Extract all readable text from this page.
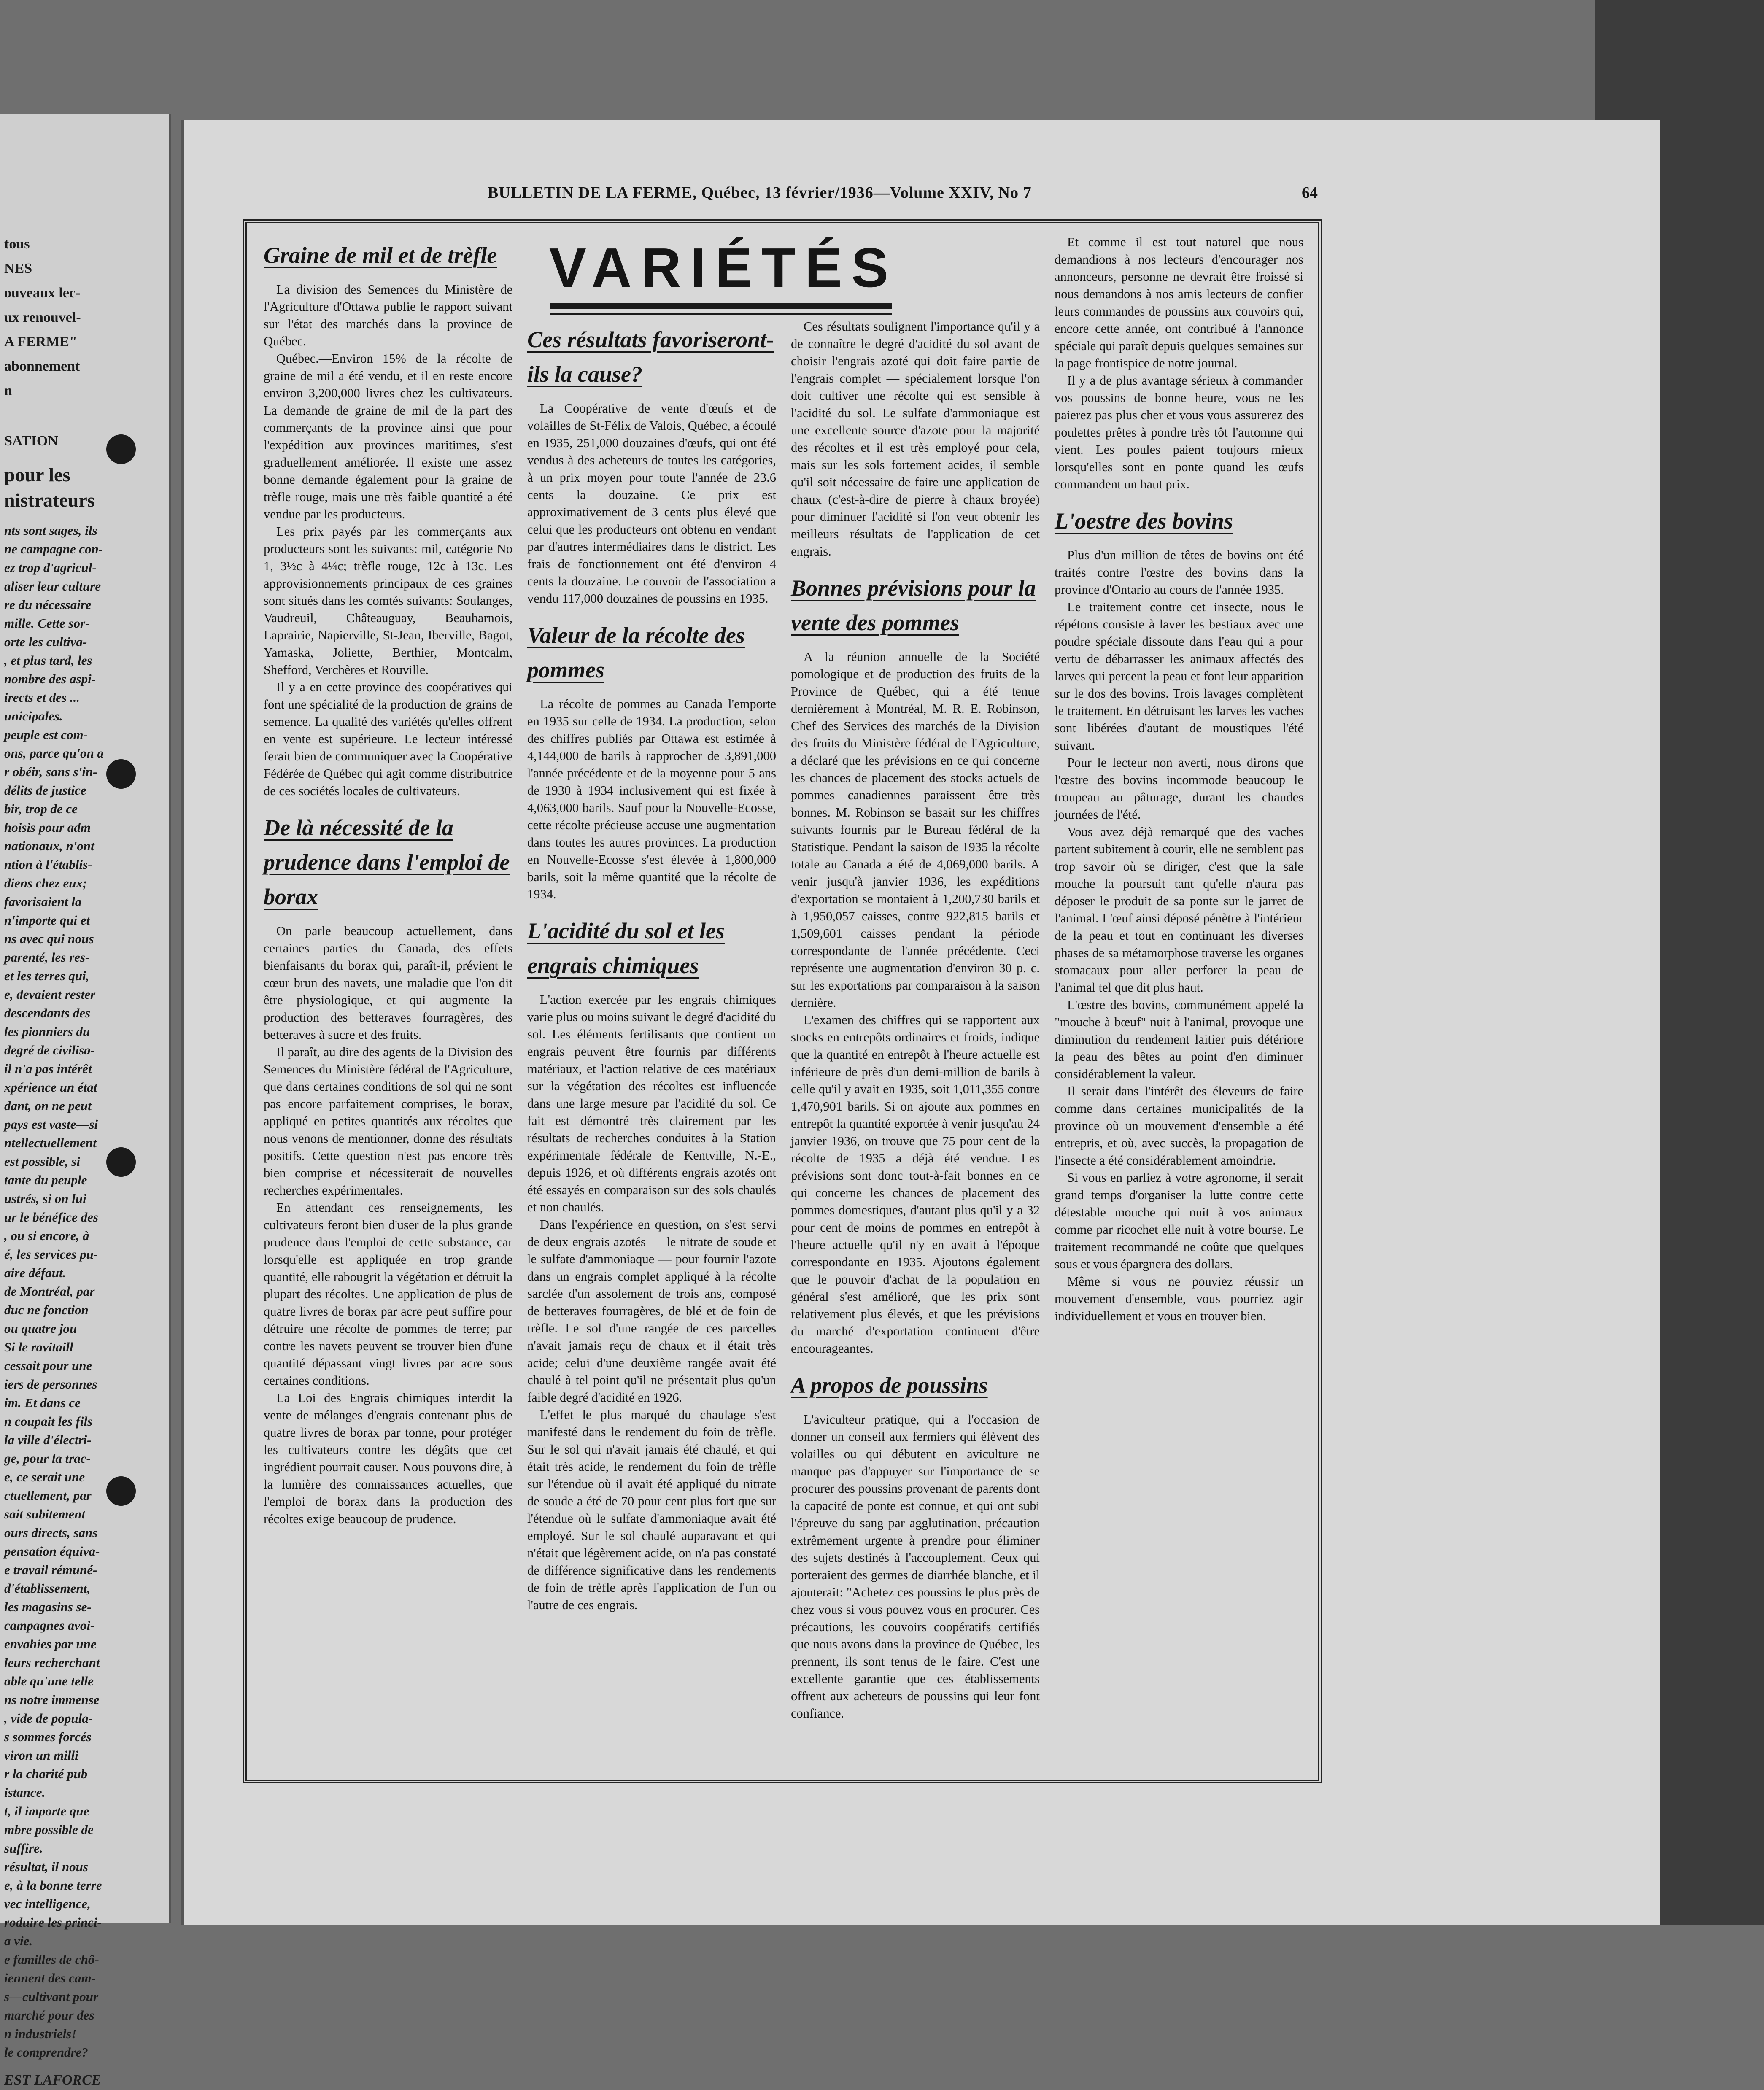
tous
NES
ouveaux lec-
ux renouvel-
A FERME"
abonnement
n
SATION
pour les
nistrateurs
nts sont sages, ils
ne campagne con-
ez trop d'agricul-
aliser leur culture
re du nécessaire
mille. Cette sor-
orte les cultiva-
, et plus tard, les
nombre des aspi-
irects et des ...
unicipales.
peuple est com-
ons, parce qu'on a
r obéir, sans s'in-
délits de justice
bir, trop de ce
hoisis pour adm
nationaux, n'ont
ntion à l'établis-
diens chez eux;
favorisaient la
n'importe qui et
ns avec qui nous
parenté, les res-
et les terres qui,
e, devaient rester
descendants des
les pionniers du
degré de civilisa-
il n'a pas intérêt
xpérience un état
dant, on ne peut
pays est vaste—si
ntellectuellement
est possible, si
tante du peuple
ustrés, si on lui
ur le bénéfice des
, ou si encore, à
é, les services pu-
aire défaut.
de Montréal, par
duc ne fonction
ou quatre jou
Si le ravitaill
cessait pour une
iers de personnes
im. Et dans ce
n coupait les fils
la ville d'électri-
ge, pour la trac-
e, ce serait une
ctuellement, par
sait subitement
ours directs, sans
pensation équiva-
e travail rémuné-
d'établissement,
les magasins se-
campagnes avoi-
envahies par une
leurs recherchant
able qu'une telle
ns notre immense
, vide de popula-
s sommes forcés
viron un milli
r la charité pub
istance.
t, il importe que
mbre possible de
suffire.
résultat, il nous
e, à la bonne terre
vec intelligence,
roduire les princi-
a vie.
e familles de chô-
iennent des cam-
s—cultivant pour
marché pour des
n industriels!
le comprendre?
EST LAFORCE
BULLETIN DE LA FERME, Québec, 13 février/1936—Volume XXIV, No 7	64
VARIÉTÉS
Graine de mil et de trèfle

La division des Semences du Ministère de l'Agriculture d'Ottawa publie le rapport suivant sur l'état des marchés dans la province de Québec.

Québec.—Environ 15% de la récolte de graine de mil a été vendu, et il en reste encore environ 3,200,000 livres chez les cultivateurs. La demande de graine de mil de la part des commerçants de la province ainsi que pour l'expédition aux provinces maritimes, s'est graduellement améliorée. Il existe une assez bonne demande également pour la graine de trèfle rouge, mais une très faible quantité a été vendue par les producteurs.

Les prix payés par les commerçants aux producteurs sont les suivants: mil, catégorie No 1, 3½c à 4¼c; trèfle rouge, 12c à 13c. Les approvisionnements principaux de ces graines sont situés dans les comtés suivants: Soulanges, Vaudreuil, Châteauguay, Beauharnois, Laprairie, Napierville, St-Jean, Iberville, Bagot, Yamaska, Joliette, Berthier, Montcalm, Shefford, Verchères et Rouville.

Il y a en cette province des coopératives qui font une spécialité de la production de grains de semence. La qualité des variétés qu'elles offrent en vente est supérieure. Le lecteur intéressé ferait bien de communiquer avec la Coopérative Fédérée de Québec qui agit comme distributrice de ces sociétés locales de cultivateurs.

De là nécessité de la prudence dans l'emploi de borax

On parle beaucoup actuellement, dans certaines parties du Canada, des effets bienfaisants du borax qui, paraît-il, prévient le cœur brun des navets, une maladie que l'on dit être physiologique, et qui augmente la production des betteraves fourragères, des betteraves à sucre et des fruits.

Il paraît, au dire des agents de la Division des Semences du Ministère fédéral de l'Agriculture, que dans certaines conditions de sol qui ne sont pas encore parfaitement comprises, le borax, appliqué en petites quantités aux récoltes que nous venons de mentionner, donne des résultats positifs. Cette question n'est pas encore très bien comprise et nécessiterait de nouvelles recherches expérimentales.

En attendant ces renseignements, les cultivateurs feront bien d'user de la plus grande prudence dans l'emploi de cette substance, car lorsqu'elle est appliquée en trop grande quantité, elle rabougrit la végétation et détruit la plupart des récoltes. Une application de plus de quatre livres de borax par acre peut suffire pour détruire une récolte de pommes de terre; par contre les navets peuvent se trouver bien d'une quantité dépassant vingt livres par acre sous certaines conditions.

La Loi des Engrais chimiques interdit la vente de mélanges d'engrais contenant plus de quatre livres de borax par tonne, pour protéger les cultivateurs contre les dégâts que cet ingrédient pourrait causer. Nous pouvons dire, à la lumière des connaissances actuelles, que l'emploi de borax dans la production des récoltes exige beaucoup de prudence.

Ces résultats favoriseront-ils la cause?

La Coopérative de vente d'œufs et de volailles de St-Félix de Valois, Québec, a écoulé en 1935, 251,000 douzaines d'œufs, qui ont été vendus à des acheteurs de toutes les catégories, à un prix moyen pour toute l'année de 23.6 cents la douzaine. Ce prix est approximativement de 3 cents plus élevé que celui que les producteurs ont obtenu en vendant par d'autres intermédiaires dans le district. Les frais de fonctionnement ont été d'environ 4 cents la douzaine. Le couvoir de l'association a vendu 117,000 douzaines de poussins en 1935.

Valeur de la récolte des pommes

La récolte de pommes au Canada l'emporte en 1935 sur celle de 1934. La production, selon des chiffres publiés par Ottawa est estimée à 4,144,000 de barils à rapprocher de 3,891,000 l'année précédente et de la moyenne pour 5 ans de 1930 à 1934 inclusivement qui est fixée à 4,063,000 barils. Sauf pour la Nouvelle-Ecosse, cette récolte précieuse accuse une augmentation dans toutes les autres provinces. La production en Nouvelle-Ecosse s'est élevée à 1,800,000 barils, soit la même quantité que la récolte de 1934.

L'acidité du sol et les engrais chimiques

L'action exercée par les engrais chimiques varie plus ou moins suivant le degré d'acidité du sol. Les éléments fertilisants que contient un engrais peuvent être fournis par différents matériaux, et l'action relative de ces matériaux sur la végétation des récoltes est influencée dans une large mesure par l'acidité du sol. Ce fait est démontré très clairement par les résultats de recherches conduites à la Station expérimentale fédérale de Kentville, N.-E., depuis 1926, et où différents engrais azotés ont été essayés en comparaison sur des sols chaulés et non chaulés.

Dans l'expérience en question, on s'est servi de deux engrais azotés — le nitrate de soude et le sulfate d'ammoniaque — pour fournir l'azote dans un engrais complet appliqué à la récolte sarclée d'un assolement de trois ans, composé de betteraves fourragères, de blé et de foin de trèfle. Le sol d'une rangée de ces parcelles n'avait jamais reçu de chaux et il était très acide; celui d'une deuxième rangée avait été chaulé à tel point qu'il ne présentait plus qu'un faible degré d'acidité en 1926.

L'effet le plus marqué du chaulage s'est manifesté dans le rendement du foin de trèfle. Sur le sol qui n'avait jamais été chaulé, et qui était très acide, le rendement du foin de trèfle sur l'étendue où il avait été appliqué du nitrate de soude a été de 70 pour cent plus fort que sur l'étendue où le sulfate d'ammoniaque avait été employé. Sur le sol chaulé auparavant et qui n'était que légèrement acide, on n'a pas constaté de différence significative dans les rendements de foin de trèfle après l'application de l'un ou l'autre de ces engrais.

Ces résultats soulignent l'importance qu'il y a de connaître le degré d'acidité du sol avant de choisir l'engrais azoté qui doit faire partie de l'engrais complet — spécialement lorsque l'on doit cultiver une récolte qui est sensible à l'acidité du sol. Le sulfate d'ammoniaque est une excellente source d'azote pour la majorité des récoltes et il est très employé pour cela, mais sur les sols fortement acides, il semble qu'il soit nécessaire de faire une application de chaux (c'est-à-dire de pierre à chaux broyée) pour diminuer l'acidité si l'on veut obtenir les meilleurs résultats de l'application de cet engrais.

Bonnes prévisions pour la vente des pommes

A la réunion annuelle de la Société pomologique et de production des fruits de la Province de Québec, qui a été tenue dernièrement à Montréal, M. R. E. Robinson, Chef des Services des marchés de la Division des fruits du Ministère fédéral de l'Agriculture, a déclaré que les prévisions en ce qui concerne les chances de placement des stocks actuels de pommes canadiennes paraissent être très bonnes. M. Robinson se basait sur les chiffres suivants fournis par le Bureau fédéral de la Statistique. Pendant la saison de 1935 la récolte totale au Canada a été de 4,069,000 barils. A venir jusqu'à janvier 1936, les expéditions d'exportation se montaient à 1,200,730 barils et à 1,950,057 caisses, contre 922,815 barils et 1,509,601 caisses pendant la période correspondante de l'année précédente. Ceci représente une augmentation d'environ 30 p. c. sur les exportations par comparaison à la saison dernière.

L'examen des chiffres qui se rapportent aux stocks en entrepôts ordinaires et froids, indique que la quantité en entrepôt à l'heure actuelle est inférieure de près d'un demi-million de barils à celle qu'il y avait en 1935, soit 1,011,355 contre 1,470,901 barils. Si on ajoute aux pommes en entrepôt la quantité exportée à venir jusqu'au 24 janvier 1936, on trouve que 75 pour cent de la récolte de 1935 a déjà été vendue. Les prévisions sont donc tout-à-fait bonnes en ce qui concerne les chances de placement des pommes domestiques, d'autant plus qu'il y a 32 pour cent de moins de pommes en entrepôt à l'heure actuelle qu'il n'y en avait à l'époque correspondante en 1935. Ajoutons également que le pouvoir d'achat de la population en général s'est amélioré, que les prix sont relativement plus élevés, et que les prévisions du marché d'exportation continuent d'être encourageantes.

A propos de poussins

L'aviculteur pratique, qui a l'occasion de donner un conseil aux fermiers qui élèvent des volailles ou qui débutent en aviculture ne manque pas d'appuyer sur l'importance de se procurer des poussins provenant de parents dont la capacité de ponte est connue, et qui ont subi l'épreuve du sang par agglutination, précaution extrêmement urgente à prendre pour éliminer des sujets destinés à l'accouplement. Ceux qui porteraient des germes de diarrhée blanche, et il ajouterait: "Achetez ces poussins le plus près de chez vous si vous pouvez vous en procurer. Ces précautions, les couvoirs coopératifs certifiés que nous avons dans la province de Québec, les prennent, ils sont tenus de le faire. C'est une excellente garantie que ces établissements offrent aux acheteurs de poussins qui leur font confiance.

Et comme il est tout naturel que nous demandions à nos lecteurs d'encourager nos annonceurs, personne ne devrait être froissé si nous demandons à nos amis lecteurs de confier leurs commandes de poussins aux couvoirs qui, encore cette année, ont contribué à l'annonce spéciale qui paraît depuis quelques semaines sur la page frontispice de notre journal.

Il y a de plus avantage sérieux à commander vos poussins de bonne heure, vous ne les paierez pas plus cher et vous vous assurerez des poulettes prêtes à pondre très tôt l'automne qui vient. Les poules paient toujours mieux lorsqu'elles sont en ponte quand les œufs commandent un haut prix.

L'oestre des bovins

Plus d'un million de têtes de bovins ont été traités contre l'œstre des bovins dans la province d'Ontario au cours de l'année 1935.

Le traitement contre cet insecte, nous le répétons consiste à laver les bestiaux avec une poudre spéciale dissoute dans l'eau qui a pour vertu de débarrasser les animaux affectés des larves qui percent la peau et font leur apparition sur le dos des bovins. Trois lavages complètent le traitement. En détruisant les larves les vaches sont libérées d'autant de moustiques l'été suivant.

Pour le lecteur non averti, nous dirons que l'œstre des bovins incommode beaucoup le troupeau au pâturage, durant les chaudes journées de l'été.

Vous avez déjà remarqué que des vaches partent subitement à courir, elle ne semblent pas trop savoir où se diriger, c'est que la sale mouche la poursuit tant qu'elle n'aura pas déposer le produit de sa ponte sur le jarret de l'animal. L'œuf ainsi déposé pénètre à l'intérieur de la peau et tout en continuant les diverses phases de sa métamorphose traverse les organes stomacaux pour aller perforer la peau de l'animal tel que dit plus haut.

L'œstre des bovins, communément appelé la "mouche à bœuf" nuit à l'animal, provoque une diminution du rendement laitier puis détériore la peau des bêtes au point d'en diminuer considérablement la valeur.

Il serait dans l'intérêt des éleveurs de faire comme dans certaines municipalités de la province où un mouvement d'ensemble a été entrepris, et où, avec succès, la propagation de l'insecte a été considérablement amoindrie.

Si vous en parliez à votre agronome, il serait grand temps d'organiser la lutte contre cette détestable mouche qui nuit à vos animaux comme par ricochet elle nuit à votre bourse. Le traitement recommandé ne coûte que quelques sous et vous épargnera des dollars.

Même si vous ne pouviez réussir un mouvement d'ensemble, vous pourriez agir individuellement et vous en trouver bien.
